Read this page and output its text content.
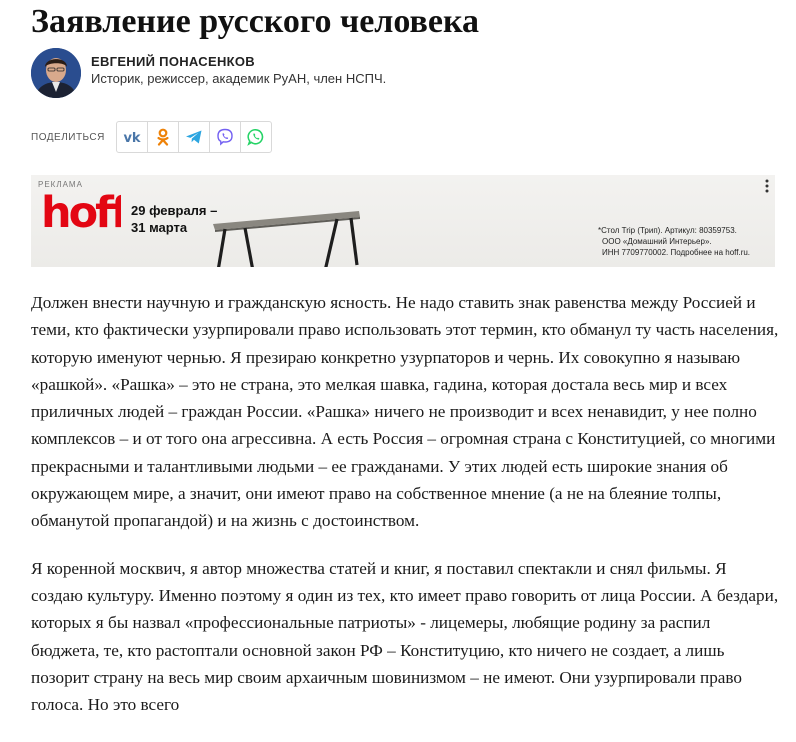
Заявление русского человека
ЕВГЕНИЙ ПОНАСЕНКОВ
Историк, режиссер, академик РуАН, член НСПЧ.
ПОДЕЛИТЬСЯ vk
РЕКЛАМА
hoff 29 февраля –
31 марта	*Стол Trip (Трип). Артикул: 80359753.
ООО «Домашний Интерьер».
ИНН 7709770002. Подробнее на hoff.ru.

Должен внести научную и гражданскую ясность. Не надо ставить знак равенства между Россией и теми, кто фактически узурпировали право использовать этот термин, кто обманул ту часть населения, которую именуют чернью. Я презираю конкретно узурпаторов и чернь. Их совокупно я называю «рашкой». «Рашка» – это не страна, это мелкая шавка, гадина, которая достала весь мир и всех приличных людей – граждан России. «Рашка» ничего не производит и всех ненавидит, у нее полно комплексов – и от того она агрессивна. А есть Россия – огромная страна с Конституцией, со многими прекрасными и талантливыми людьми – ее гражданами. У этих людей есть широкие знания об окружающем мире, а значит, они имеют право на собственное мнение (а не на блеяние толпы, обманутой пропагандой) и на жизнь с достоинством.

Я коренной москвич, я автор множества статей и книг, я поставил спектакли и снял фильмы. Я создаю культуру. Именно поэтому я один из тех, кто имеет право говорить от лица России. А бездари, которых я бы назвал «профессиональные патриоты» - лицемеры, любящие родину за распил бюджета, те, кто растоптали основной закон РФ – Конституцию, кто ничего не создает, а лишь позорит страну на весь мир своим архаичным шовинизмом – не имеют. Они узурпировали право голоса. Но это всего
